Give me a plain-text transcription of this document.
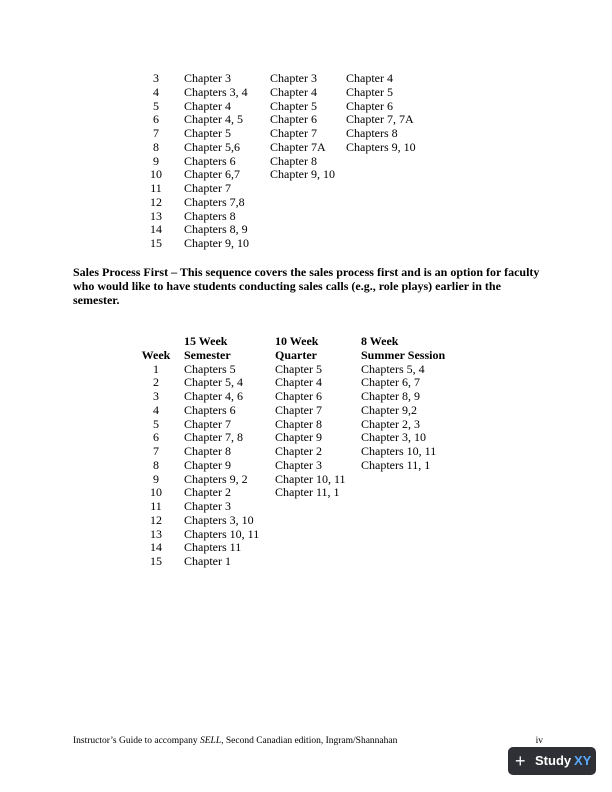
3	Chapter 3	Chapter 3	Chapter 4
4	Chapters 3, 4	Chapter 4	Chapter 5
5	Chapter 4	Chapter 5	Chapter 6
6	Chapter 4, 5	Chapter 6	Chapter 7, 7A
7	Chapter 5	Chapter 7	Chapters 8
8	Chapter 5,6	Chapter 7A	Chapters 9, 10
9	Chapters 6	Chapter 8	
10	Chapter 6,7	Chapter 9, 10	
11	Chapter 7		
12	Chapters 7,8		
13	Chapters 8		
14	Chapters 8, 9		
15	Chapter 9, 10		
Sales Process First – This sequence covers the sales process first and is an option for faculty who would like to have students conducting sales calls (e.g., role plays) earlier in the semester.
	15 Week	10 Week	8 Week
Week	Semester	Quarter	Summer Session
1	Chapters 5	Chapter 5	Chapters 5, 4
2	Chapter 5, 4	Chapter 4	Chapter 6, 7
3	Chapter 4, 6	Chapter 6	Chapter 8, 9
4	Chapters 6	Chapter 7	Chapter 9,2
5	Chapter 7	Chapter 8	Chapter 2, 3
6	Chapter 7, 8	Chapter 9	Chapter 3, 10
7	Chapter 8	Chapter 2	Chapters 10, 11
8	Chapter 9	Chapter 3	Chapters 11, 1
9	Chapters 9, 2	Chapter 10, 11	
10	Chapter 2	Chapter 11, 1	
11	Chapter 3		
12	Chapters 3, 10		
13	Chapters 10, 11		
14	Chapters 11		
15	Chapter 1		
Instructor’s Guide to accompany SELL, Second Canadian edition, Ingram/Shannahan	iv
+ Study XY
